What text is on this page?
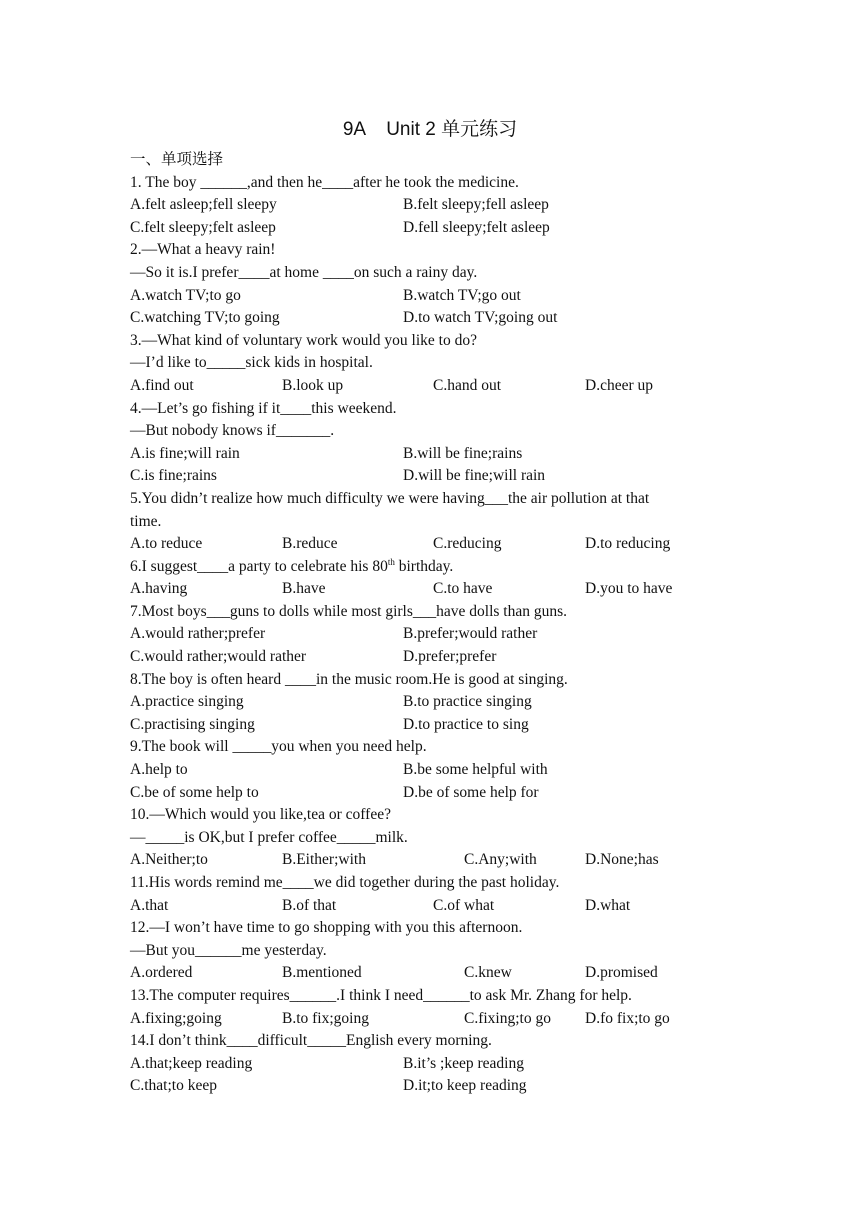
9A Unit 2 单元练习
一、单项选择
1. The boy ______,and then he____after he took the medicine.
A.felt asleep;fell sleepy	B.felt sleepy;fell asleep
C.felt sleepy;felt asleep	D.fell sleepy;felt asleep
2.—What a heavy rain!
—So it is.I prefer____at home ____on such a rainy day.
A.watch TV;to go	B.watch TV;go out
C.watching TV;to going	D.to watch TV;going out
3.—What kind of voluntary work would you like to do?
—I’d like to_____sick kids in hospital.
A.find out	B.look up	C.hand out	D.cheer up
4.—Let’s go fishing if it____this weekend.
—But nobody knows if_______.
A.is fine;will rain	B.will be fine;rains
C.is fine;rains	D.will be fine;will rain
5.You didn’t realize how much difficulty we were having___the air pollution at that
time.
A.to reduce	B.reduce	C.reducing	D.to reducing
6.I suggest____a party to celebrate his 80th birthday.
A.having	B.have	C.to have	D.you to have
7.Most boys___guns to dolls while most girls___have dolls than guns.
A.would rather;prefer	B.prefer;would rather
C.would rather;would rather	D.prefer;prefer
8.The boy is often heard ____in the music room.He is good at singing.
A.practice singing	B.to practice singing
C.practising singing	D.to practice to sing
9.The book will _____you when you need help.
A.help to	B.be some helpful with
C.be of some help to	D.be of some help for
10.—Which would you like,tea or coffee?
—_____is OK,but I prefer coffee_____milk.
A.Neither;to	B.Either;with	C.Any;with	D.None;has
11.His words remind me____we did together during the past holiday.
A.that	B.of that	C.of what	D.what
12.—I won’t have time to go shopping with you this afternoon.
—But you______me yesterday.
A.ordered	B.mentioned	C.knew	D.promised
13.The computer requires______.I think I need______to ask Mr. Zhang for help.
A.fixing;going	B.to fix;going	C.fixing;to go D.fo fix;to go
14.I don’t think____difficult_____English every morning.
A.that;keep reading	B.it’s ;keep reading
C.that;to keep	D.it;to keep reading
